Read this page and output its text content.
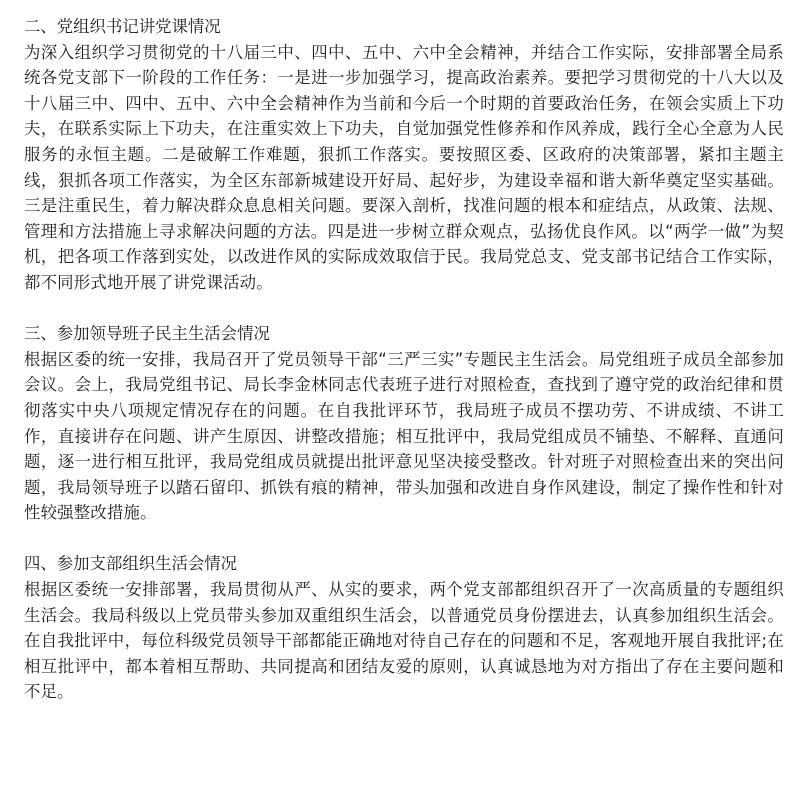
二、党组织书记讲党课情况
为深入组织学习贯彻党的十八届三中、四中、五中、六中全会精神，并结合工作实际，安排部署全局系统各党支部下一阶段的工作任务：一是进一步加强学习，提高政治素养。要把学习贯彻党的十八大以及十八届三中、四中、五中、六中全会精神作为当前和今后一个时期的首要政治任务，在领会实质上下功夫，在联系实际上下功夫，在注重实效上下功夫，自觉加强党性修养和作风养成，践行全心全意为人民服务的永恒主题。二是破解工作难题，狠抓工作落实。要按照区委、区政府的决策部署，紧扣主题主线，狠抓各项工作落实，为全区东部新城建设开好局、起好步，为建设幸福和谐大新华奠定坚实基础。三是注重民生，着力解决群众息息相关问题。要深入剖析，找准问题的根本和症结点，从政策、法规、管理和方法措施上寻求解决问题的方法。四是进一步树立群众观点，弘扬优良作风。以“两学一做”为契机，把各项工作落到实处，以改进作风的实际成效取信于民。我局党总支、党支部书记结合工作实际，都不同形式地开展了讲党课活动。
三、参加领导班子民主生活会情况
根据区委的统一安排，我局召开了党员领导干部“三严三实”专题民主生活会。局党组班子成员全部参加会议。会上，我局党组书记、局长李金林同志代表班子进行对照检查，查找到了遵守党的政治纪律和贯彻落实中央八项规定情况存在的问题。在自我批评环节，我局班子成员不摆功劳、不讲成绩、不讲工作，直接讲存在问题、讲产生原因、讲整改措施；相互批评中，我局党组成员不铺垫、不解释、直通问题，逐一进行相互批评，我局党组成员就提出批评意见坚决接受整改。针对班子对照检查出来的突出问题，我局领导班子以踏石留印、抓铁有痕的精神，带头加强和改进自身作风建设，制定了操作性和针对性较强整改措施。
四、参加支部组织生活会情况
根据区委统一安排部署，我局贯彻从严、从实的要求，两个党支部都组织召开了一次高质量的专题组织生活会。我局科级以上党员带头参加双重组织生活会，以普通党员身份摆进去，认真参加组织生活会。在自我批评中，每位科级党员领导干部都能正确地对待自己存在的问题和不足，客观地开展自我批评;在相互批评中，都本着相互帮助、共同提高和团结友爱的原则，认真诚恳地为对方指出了存在主要问题和不足。
